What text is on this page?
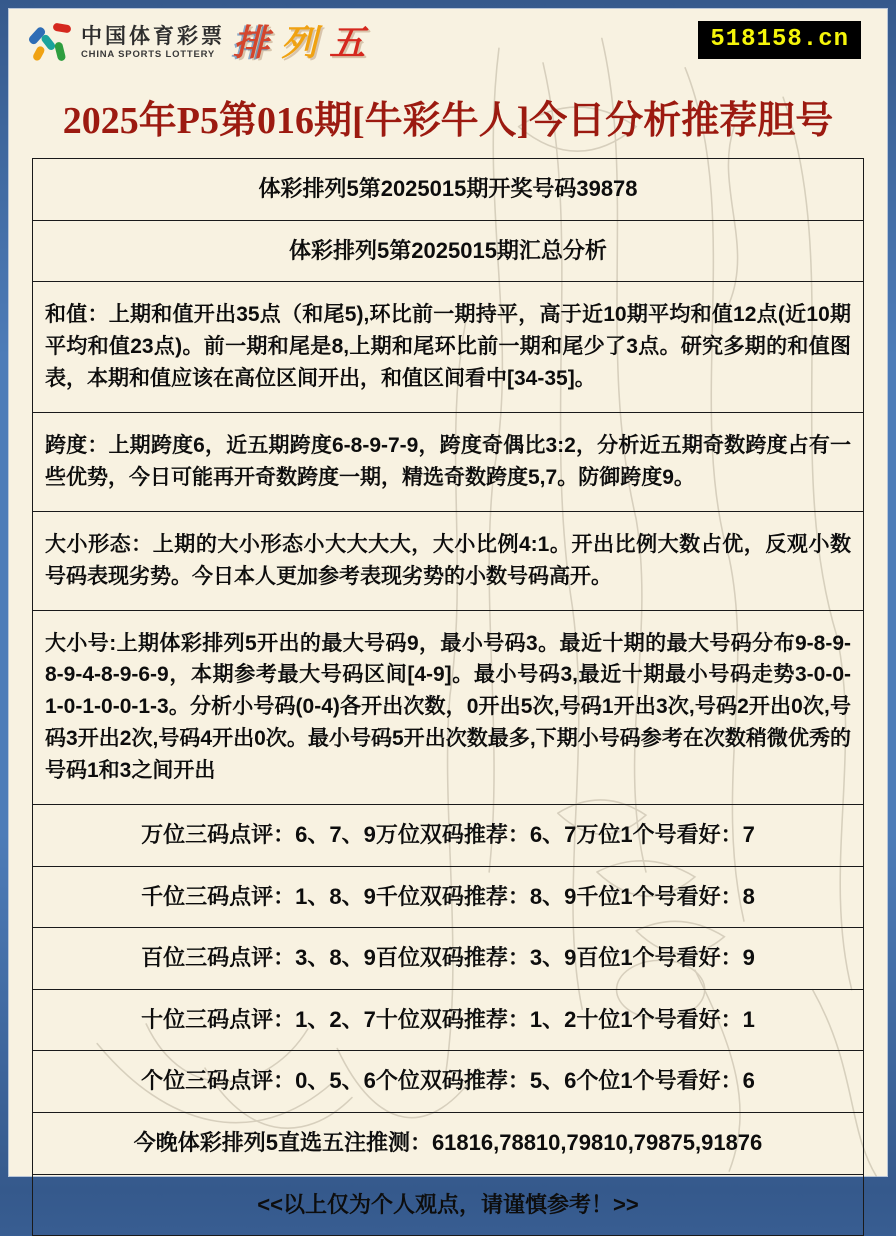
中国体育彩票
CHINA SPORTS LOTTERY 排 列 五	518158.cn
2025年P5第016期[牛彩牛人]今日分析推荐胆号
体彩排列5第2025015期开奖号码39878
体彩排列5第2025015期汇总分析
和值：上期和值开出35点（和尾5),环比前一期持平，高于近10期平均和值12点(近10期平均和值23点)。前一期和尾是8,上期和尾环比前一期和尾少了3点。研究多期的和值图表，本期和值应该在高位区间开出，和值区间看中[34-35]。
跨度：上期跨度6，近五期跨度6-8-9-7-9，跨度奇偶比3:2，分析近五期奇数跨度占有一些优势，今日可能再开奇数跨度一期，精选奇数跨度5,7。防御跨度9。
大小形态：上期的大小形态小大大大大，大小比例4:1。开出比例大数占优，反观小数号码表现劣势。今日本人更加参考表现劣势的小数号码高开。
大小号:上期体彩排列5开出的最大号码9，最小号码3。最近十期的最大号码分布9-8-9-8-9-4-8-9-6-9，本期参考最大号码区间[4-9]。最小号码3,最近十期最小号码走势3-0-0-1-0-1-0-0-1-3。分析小号码(0-4)各开出次数，0开出5次,号码1开出3次,号码2开出0次,号码3开出2次,号码4开出0次。最小号码5开出次数最多,下期小号码参考在次数稍微优秀的号码1和3之间开出
万位三码点评：6、7、9万位双码推荐：6、7万位1个号看好：7
千位三码点评：1、8、9千位双码推荐：8、9千位1个号看好：8
百位三码点评：3、8、9百位双码推荐：3、9百位1个号看好：9
十位三码点评：1、2、7十位双码推荐：1、2十位1个号看好：1
个位三码点评：0、5、6个位双码推荐：5、6个位1个号看好：6
今晚体彩排列5直选五注推测：61816,78810,79810,79875,91876
<<以上仅为个人观点，请谨慎参考！>>
